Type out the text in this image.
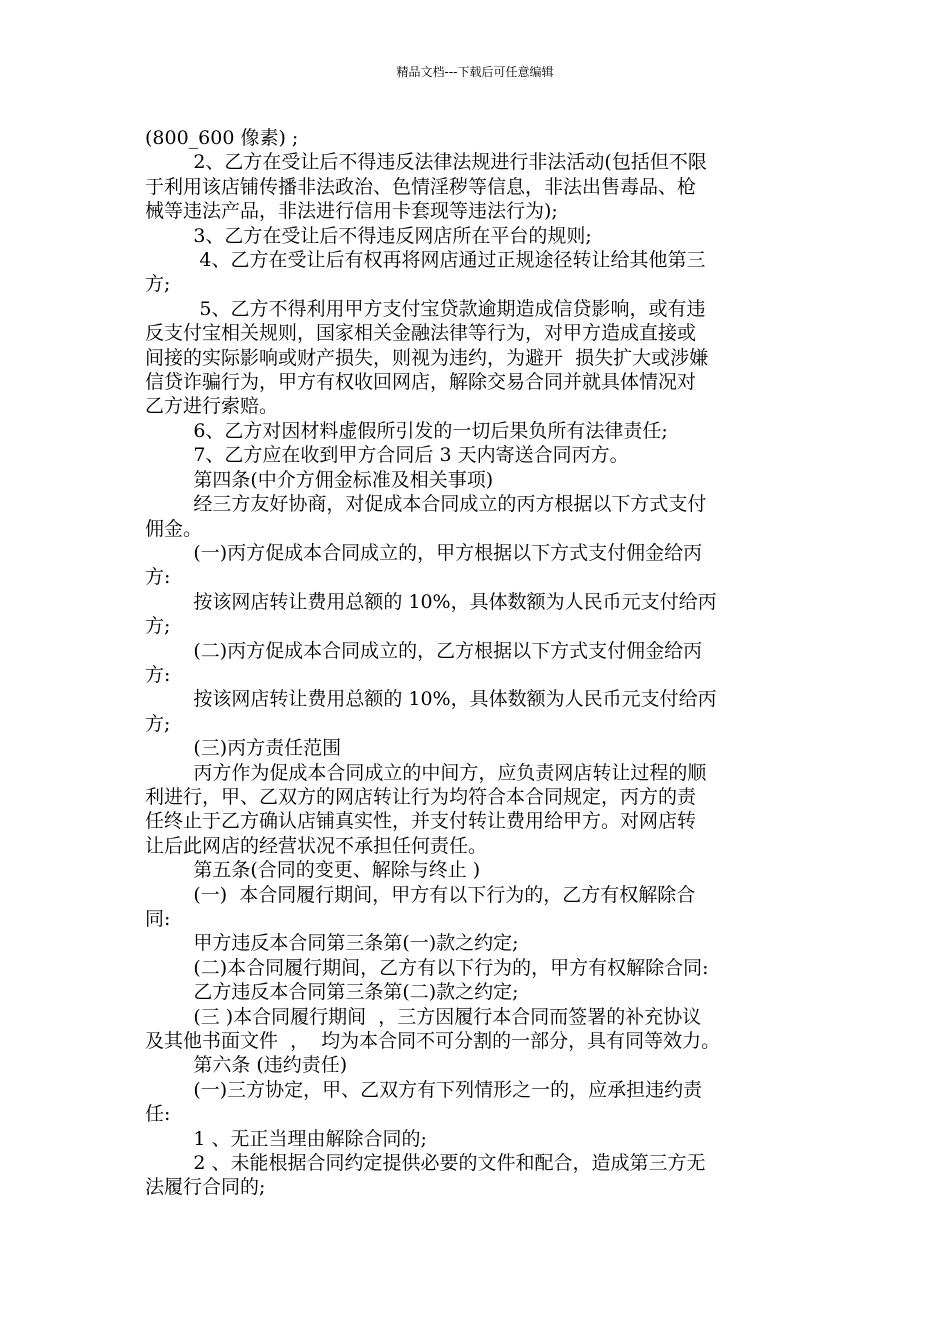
精品文档---下载后可任意编辑

(800_600 像素) ;

2、乙方在受让后不得违反法律法规进行非法活动(包括但不限

于利用该店铺传播非法政治、色情淫秽等信息，非法出售毒品、枪

械等违法产品，非法进行信用卡套现等违法行为);

3、乙方在受让后不得违反网店所在平台的规则;

4、乙方在受让后有权再将网店通过正规途径转让给其他第三

方;

5、乙方不得利用甲方支付宝贷款逾期造成信贷影响，或有违

反支付宝相关规则，国家相关金融法律等行为，对甲方造成直接或

间接的实际影响或财产损失，则视为违约，为避开  损失扩大或涉嫌

信贷诈骗行为，甲方有权收回网店，解除交易合同并就具体情况对

乙方进行索赔。

6、乙方对因材料虚假所引发的一切后果负所有法律责任;

7、乙方应在收到甲方合同后 3 天内寄送合同丙方。

第四条(中介方佣金标准及相关事项)

经三方友好协商，对促成本合同成立的丙方根据以下方式支付

佣金。

(一)丙方促成本合同成立的，甲方根据以下方式支付佣金给丙

方:

按该网店转让费用总额的 10%，具体数额为人民币元支付给丙

方;

(二)丙方促成本合同成立的，乙方根据以下方式支付佣金给丙

方:

按该网店转让费用总额的 10%，具体数额为人民币元支付给丙

方;

(三)丙方责任范围

丙方作为促成本合同成立的中间方，应负责网店转让过程的顺

利进行，甲、乙双方的网店转让行为均符合本合同规定，丙方的责

任终止于乙方确认店铺真实性，并支付转让费用给甲方。对网店转

让后此网店的经营状况不承担任何责任。

第五条(合同的变更、解除与终止 )

(一)  本合同履行期间，甲方有以下行为的，乙方有权解除合

同:

甲方违反本合同第三条第(一)款之约定;

(二)本合同履行期间，乙方有以下行为的，甲方有权解除合同:

乙方违反本合同第三条第(二)款之约定;

(三 )本合同履行期间  ，三方因履行本合同而签署的补充协议

及其他书面文件  ，  均为本合同不可分割的一部分，具有同等效力。

第六条 (违约责任)

(一)三方协定，甲、乙双方有下列情形之一的，应承担违约责

任:

1 、无正当理由解除合同的;

2 、未能根据合同约定提供必要的文件和配合，造成第三方无

法履行合同的;
